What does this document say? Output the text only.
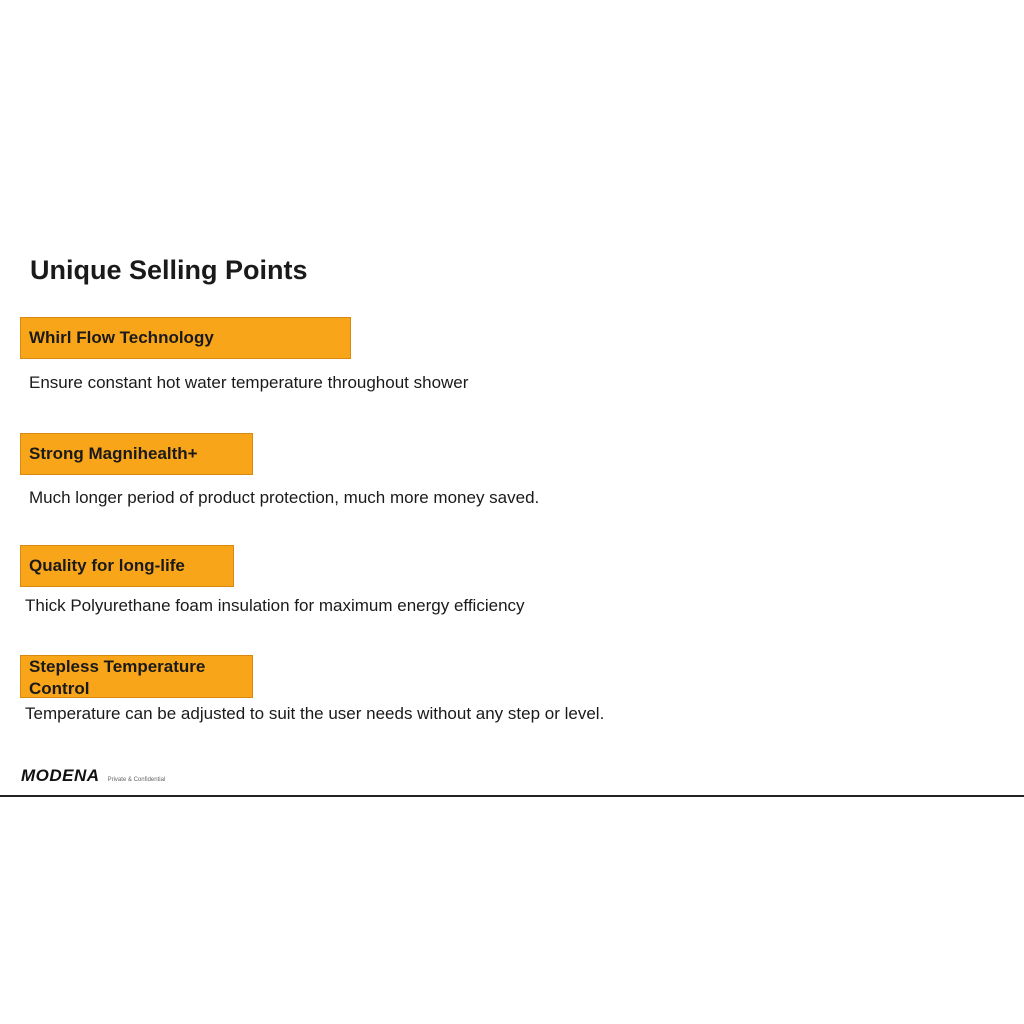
Unique Selling Points
Whirl Flow Technology
Ensure constant hot water temperature throughout shower
Strong Magnihealth+
Much longer period of product protection, much more money saved.
Quality for long-life
Thick Polyurethane foam insulation for maximum energy efficiency
Stepless Temperature Control
Temperature can be adjusted to suit the user needs without any step or level.
MODENA Private & Confidential
